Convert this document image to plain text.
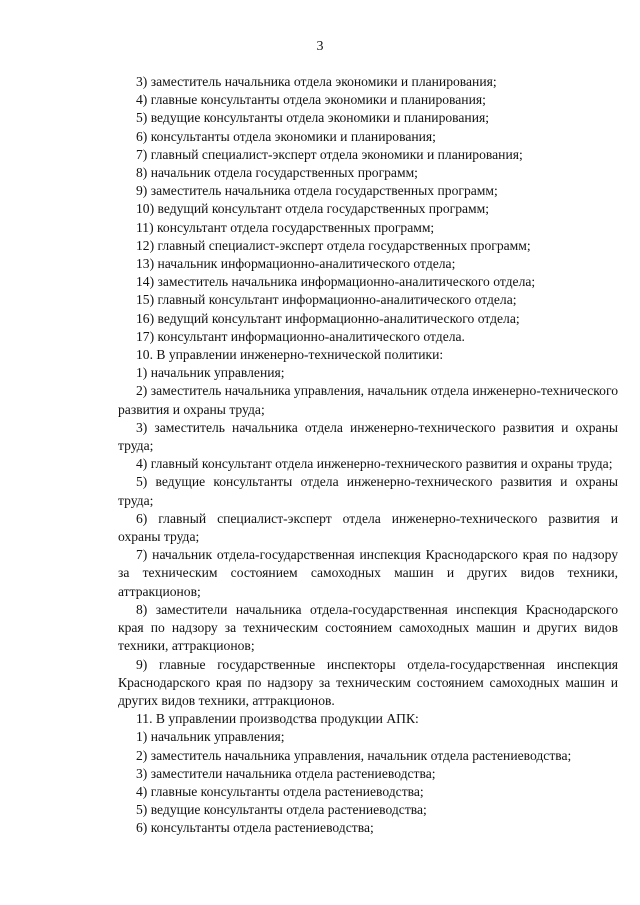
3
3) заместитель начальника отдела экономики и планирования;
4) главные консультанты отдела экономики и планирования;
5) ведущие консультанты отдела экономики и планирования;
6) консультанты отдела экономики и планирования;
7) главный специалист-эксперт отдела экономики и планирования;
8) начальник отдела государственных программ;
9) заместитель начальника отдела государственных программ;
10) ведущий консультант отдела государственных программ;
11) консультант отдела государственных программ;
12) главный специалист-эксперт отдела государственных программ;
13) начальник информационно-аналитического отдела;
14) заместитель начальника информационно-аналитического отдела;
15) главный консультант информационно-аналитического отдела;
16) ведущий консультант информационно-аналитического отдела;
17) консультант информационно-аналитического отдела.
10. В управлении инженерно-технической политики:
1) начальник управления;

2) заместитель начальника управления, начальник отдела инженерно-технического развития и охраны труда;

3) заместитель начальника отдела инженерно-технического развития и охраны труда;

4) главный консультант отдела инженерно-технического развития и охраны труда;

5) ведущие консультанты отдела инженерно-технического развития и охраны труда;

6) главный специалист-эксперт отдела инженерно-технического развития и охраны труда;

7) начальник отдела-государственная инспекция Краснодарского края по надзору за техническим состоянием самоходных машин и других видов техники, аттракционов;

8) заместители начальника отдела-государственная инспекция Краснодарского края по надзору за техническим состоянием самоходных машин и других видов техники, аттракционов;

9) главные государственные инспекторы отдела-государственная инспекция Краснодарского края по надзору за техническим состоянием самоходных машин и других видов техники, аттракционов.

11. В управлении производства продукции АПК:
1) начальник управления;

2) заместитель начальника управления, начальник отдела растениеводства;

3) заместители начальника отдела растениеводства;
4) главные консультанты отдела растениеводства;
5) ведущие консультанты отдела растениеводства;
6) консультанты отдела растениеводства;
